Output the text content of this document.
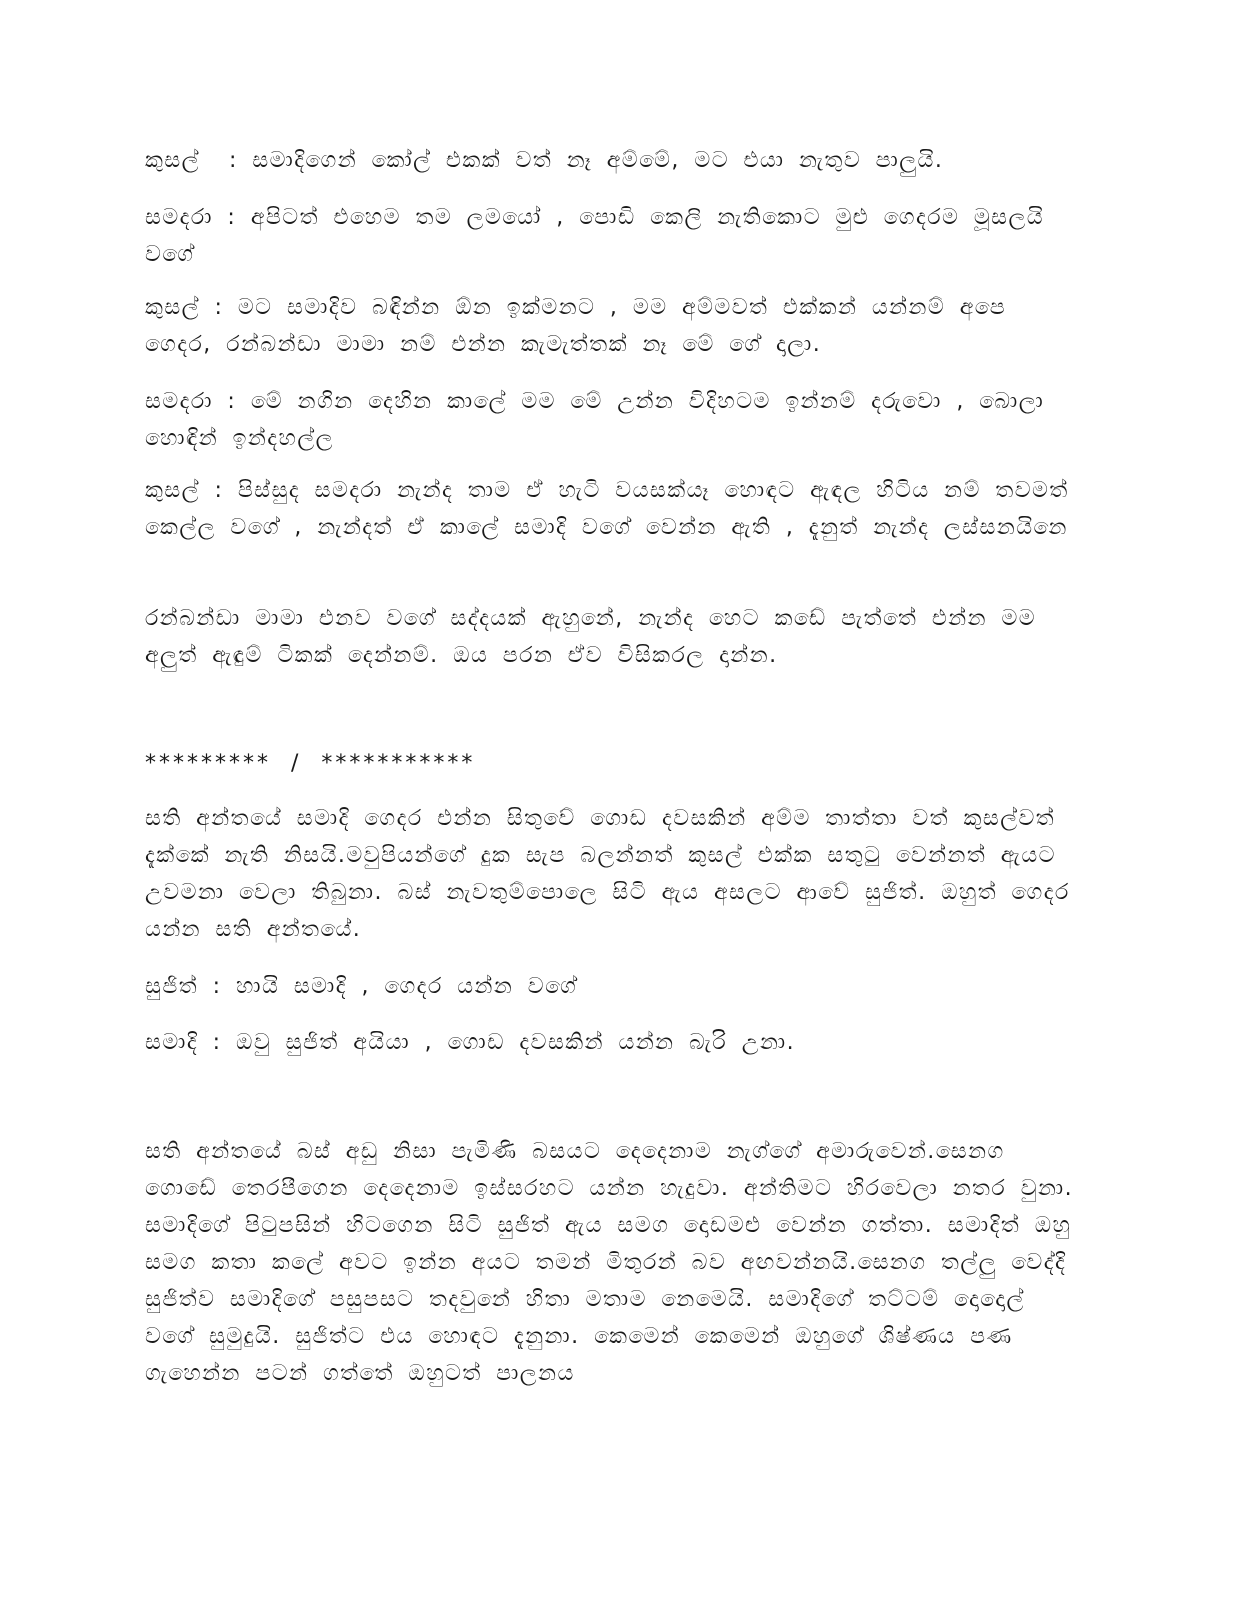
කුසල් ‍ : සමාදිගෙන් කෝල් එකක් වත් නෑ අම්මේ, මට එයා නැතුව පාලුයි.

සමදරා : අපිටත් එහෙම තම ලමයෝ , පොඩි කෙලි නැතිකොට මුළු ගෙදරම මූසලයි වගේ

කුසල් : මට සමාදිව බඳින්න ඕන ඉක්මනට , මම අම්මවත් එක්කන් යන්නම් අපෙ ගෙදර, රන්බන්ඩා මාමා නම් එන්න කැමැත්තක් නෑ මේ ගේ දාලා.

සමදරා : මේ නගින දෙහින කාලේ මම මේ උන්න විදිහටම ඉන්නම් දරුවො , බොලා හොඳින් ඉන්දහල්ල

කුසල් : පිස්සුද සමදරා නැන්ද තාම ඒ හැටි වයසක්යෑ හොඳට ඇඳල හිටිය නම් තවමත් කෙල්ල වගේ , නැන්දත් ඒ කාලේ සමාදි වගේ වෙන්න ඇති , දැනුත් නැන්ද ලස්සනයිනෙ

රන්බන්ඩා මාමා එනව වගේ සද්දයක් ඇහුනේ, නැන්ද හෙට කඩේ පැත්තේ එන්න මම අලුත් ඇඳුම් ටිකක් දෙන්නම්. ඔය පරන ඒව විසිකරල දාන්න.

********* / ***********

සති අන්තයේ සමාදි ගෙදර එන්න සිතුවේ ගොඩ දවසකින් අම්ම තාත්තා වත් කුසල්වත් දැක්කේ නැති නිසයි.මවුපියන්ගේ දුක සැප බලන්නත් කුසල් එක්ක සතුටු වෙන්නත් ඇයට උවමනා වෙලා තිබුනා. බස් නැවතුම්පොලෙ සිටි ඇය අසලට ආවේ සුජිත්. ඔහුත් ගෙදර යන්න සති අන්තයේ.

සුජිත් : හායි සමාදි , ගෙදර යන්න වගේ

සමාදි : ඔවු සුජිත් අයියා , ගොඩ දවසකින් යන්න බැරි උනා.

සති අන්තයේ බස් අඩු නිසා පැමිණි බසයට දෙදෙනාම නැග්ගේ අමාරුවෙන්.සෙනග ගොඩේ තෙරපීගෙන දෙදෙනාම ඉස්සරහට යන්න හැදුවා. අන්තිමට හිරවෙලා නතර වුනා. සමාදිගේ පිටුපසින් හිටගෙන සිටි සුජිත් ඇය සමග දොඩමළු වෙන්න ගත්තා. සමාදිත් ඔහු සමග කතා කලේ අවට ඉන්න අයට තමන් මිතුරන් බව අඟවන්නයි.සෙනග තල්ලු වෙද්දි සුජිත්ව සමාදිගේ පසුපසට තදවුනේ හිතා මතාම නෙමෙයි. සමාදිගේ තට්ටම් දොදොල් වගේ සුමුදුයි. සුජිත්ට එය හොඳට දැනුනා. කෙමෙන් කෙමෙන් ඔහුගේ ශිෂ්ණය පණ ගැහෙන්න පටන් ගත්තේ ඔහුටත් පාලනය
